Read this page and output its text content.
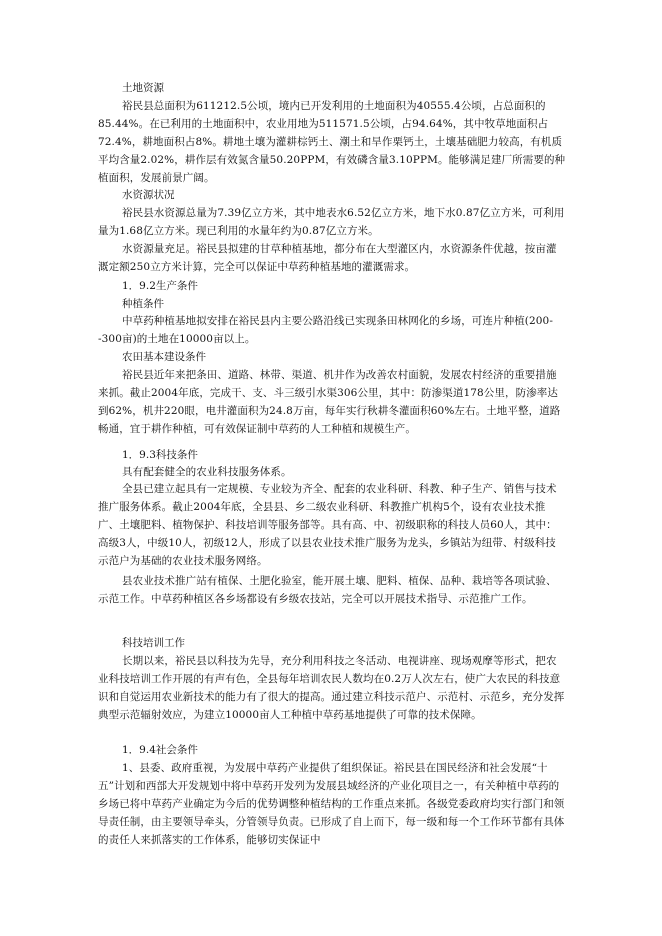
土地资源
裕民县总面积为611212.5公顷，境内已开发利用的土地面积为40555.4公顷，占总面积的85.44%。在已利用的土地面积中，农业用地为511571.5公顷，占94.64%，其中牧草地面积占72.4%，耕地面积占8%。耕地土壤为灌耕棕钙土、潮土和旱作栗钙土，土壤基础肥力较高，有机质平均含量2.02%，耕作层有效氮含量50.20PPM，有效磷含量3.10PPM。能够满足建厂所需要的种植面积，发展前景广阔。
水资源状况
裕民县水资源总量为7.39亿立方米，其中地表水6.52亿立方米，地下水0.87亿立方米，可利用量为1.68亿立方米。现已利用的水量年约为0.87亿立方米。
水资源量充足。裕民县拟建的甘草种植基地，都分布在大型灌区内，水资源条件优越，按亩灌溉定额250立方米计算，完全可以保证中草药种植基地的灌溉需求。
1．9.2生产条件
种植条件
中草药种植基地拟安排在裕民县内主要公路沿线已实现条田林网化的乡场，可连片种植(200--300亩)的土地在10000亩以上。
农田基本建设条件
裕民县近年来把条田、道路、林带、渠道、机井作为改善农村面貌，发展农村经济的重要措施来抓。截止2004年底，完成干、支、斗三级引水渠306公里，其中：防渗渠道178公里，防渗率达到62%，机井220眼，电井灌面积为24.8万亩，每年实行秋耕冬灌面积60%左右。土地平整，道路畅通，宜于耕作种植，可有效保证制中草药的人工种植和规模生产。
1．9.3科技条件
具有配套健全的农业科技服务体系。
全县已建立起具有一定规模、专业较为齐全、配套的农业科研、科教、种子生产、销售与技术推广服务体系。截止2004年底，全县县、乡二级农业科研、科教推广机构5个，设有农业技术推广、土壤肥料、植物保护、科技培训等服务部等。具有高、中、初级职称的科技人员60人，其中：高级3人，中级10人，初级12人，形成了以县农业技术推广服务为龙头，乡镇站为纽带、村级科技示范户为基础的农业技术服务网络。
县农业技术推广站有植保、土肥化验室，能开展土壤、肥料、植保、品种、栽培等各项试验、示范工作。中草药种植区各乡场都设有乡级农技站，完全可以开展技术指导、示范推广工作。
科技培训工作
长期以来，裕民县以科技为先导，充分利用科技之冬活动、电视讲座、现场观摩等形式，把农业科技培训工作开展的有声有色，全县每年培训农民人数均在0.2万人次左右，使广大农民的科技意识和自觉运用农业新技术的能力有了很大的提高。通过建立科技示范户、示范村、示范乡，充分发挥典型示范辐射效应，为建立10000亩人工种植中草药基地提供了可靠的技术保障。
1．9.4社会条件
1、县委、政府重视，为发展中草药产业提供了组织保证。裕民县在国民经济和社会发展“十五”计划和西部大开发规划中将中草药开发列为发展县域经济的产业化项目之一，有关种植中草药的乡场已将中草药产业确定为今后的优势调整种植结构的工作重点来抓。各级党委政府均实行部门和领导责任制，由主要领导牵头，分管领导负责。已形成了自上而下，每一级和每一个工作环节都有具体的责任人来抓落实的工作体系，能够切实保证中
